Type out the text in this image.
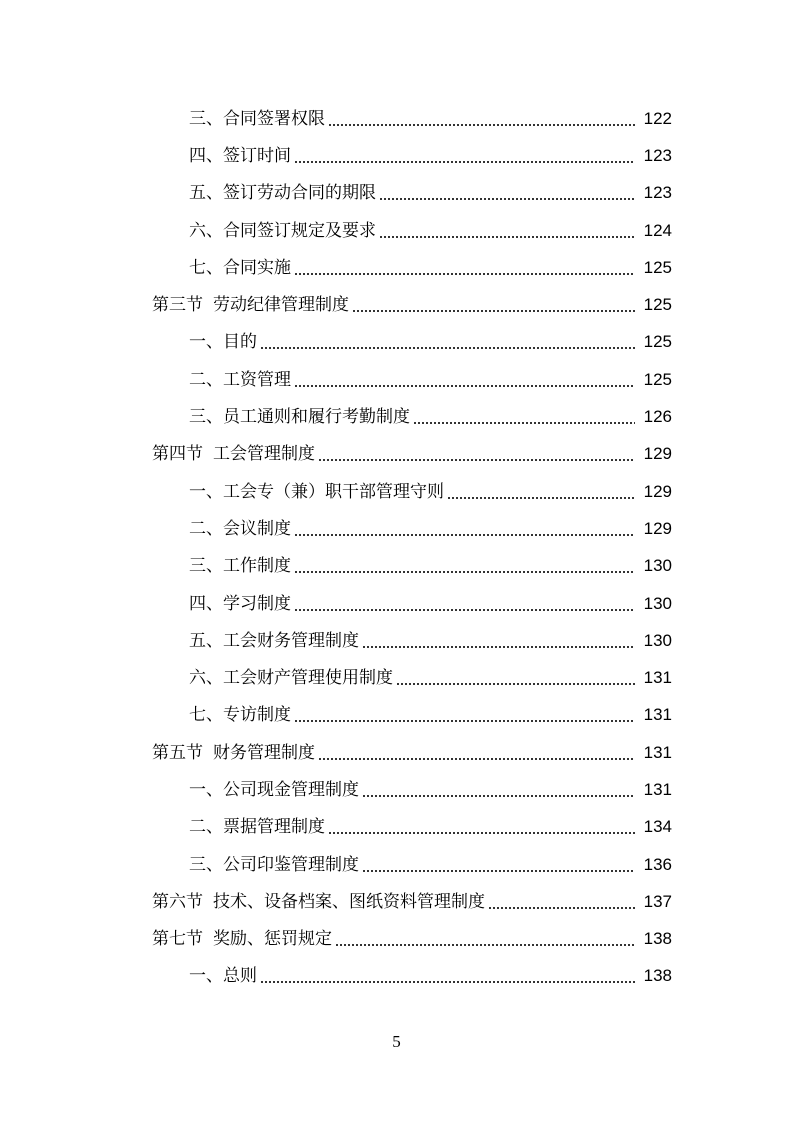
三、合同签署权限	122
四、签订时间	123
五、签订劳动合同的期限	123
六、合同签订规定及要求	124
七、合同实施	125
第三节 劳动纪律管理制度	125
一、目的	125
二、工资管理	125
三、员工通则和履行考勤制度	126
第四节 工会管理制度	129
一、工会专（兼）职干部管理守则	129
二、会议制度	129
三、工作制度	130
四、学习制度	130
五、工会财务管理制度	130
六、工会财产管理使用制度	131
七、专访制度	131
第五节 财务管理制度	131
一、公司现金管理制度	131
二、票据管理制度	134
三、公司印鉴管理制度	136
第六节 技术、设备档案、图纸资料管理制度	137
第七节 奖励、惩罚规定	138
一、总则	138
5
